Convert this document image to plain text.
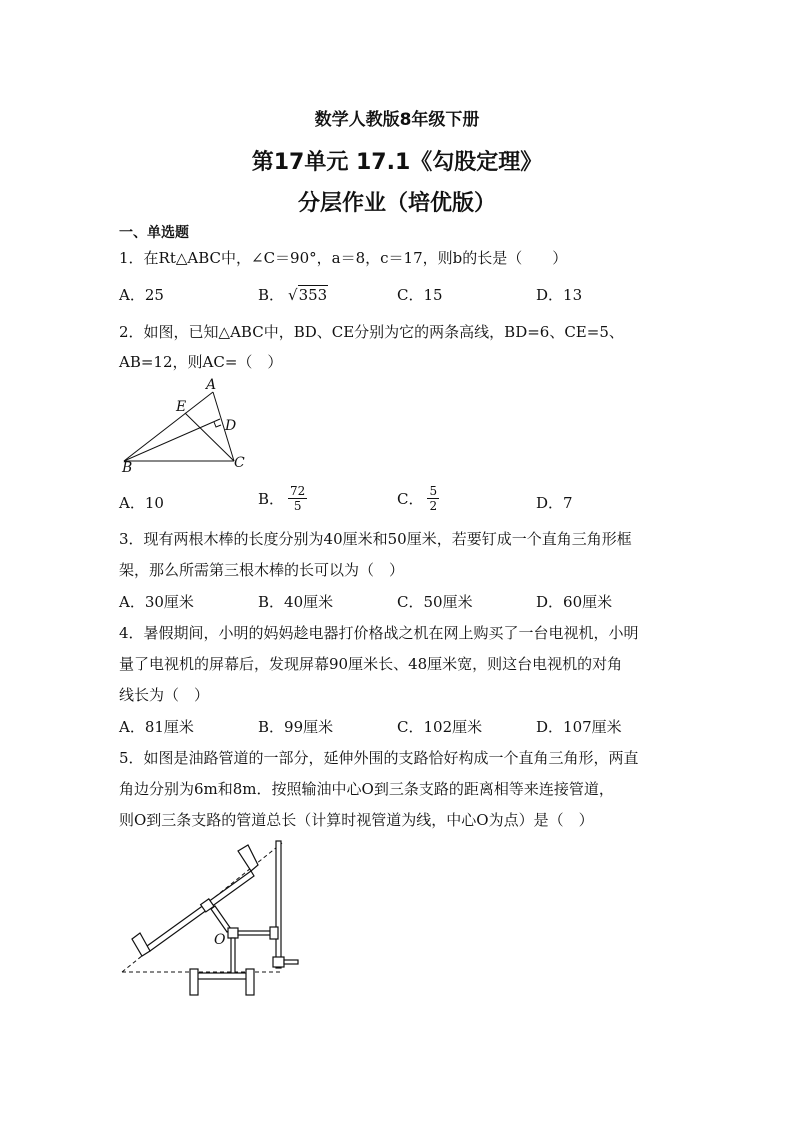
数学人教版8年级下册
第17单元 17.1《勾股定理》
分层作业（培优版）
一、单选题
1．在Rt△ABC中，∠C＝90°，a＝8，c＝17，则b的长是（　　）
A．25	B． √353	C．15	D．13
2．如图，已知△ABC中，BD、CE分别为它的两条高线，BD=6、CE=5、
AB=12，则AC=（　）
A
E
D
B	C
A．10	B． $\frac{72}{5}$	C． $\frac{5}{2}$	D．7
3．现有两根木棒的长度分别为40厘米和50厘米，若要钉成一个直角三角形框
架，那么所需第三根木棒的长可以为（　）
A．30厘米	B．40厘米	C．50厘米	D．60厘米
4．暑假期间，小明的妈妈趁电器打价格战之机在网上购买了一台电视机，小明
量了电视机的屏幕后，发现屏幕90厘米长、48厘米宽，则这台电视机的对角
线长为（　）
A．81厘米	B．99厘米	C．102厘米	D．107厘米
5．如图是油路管道的一部分，延伸外围的支路恰好构成一个直角三角形，两直
角边分别为6m和8m．按照输油中心O到三条支路的距离相等来连接管道，
则O到三条支路的管道总长（计算时视管道为线，中心O为点）是（　）
O
